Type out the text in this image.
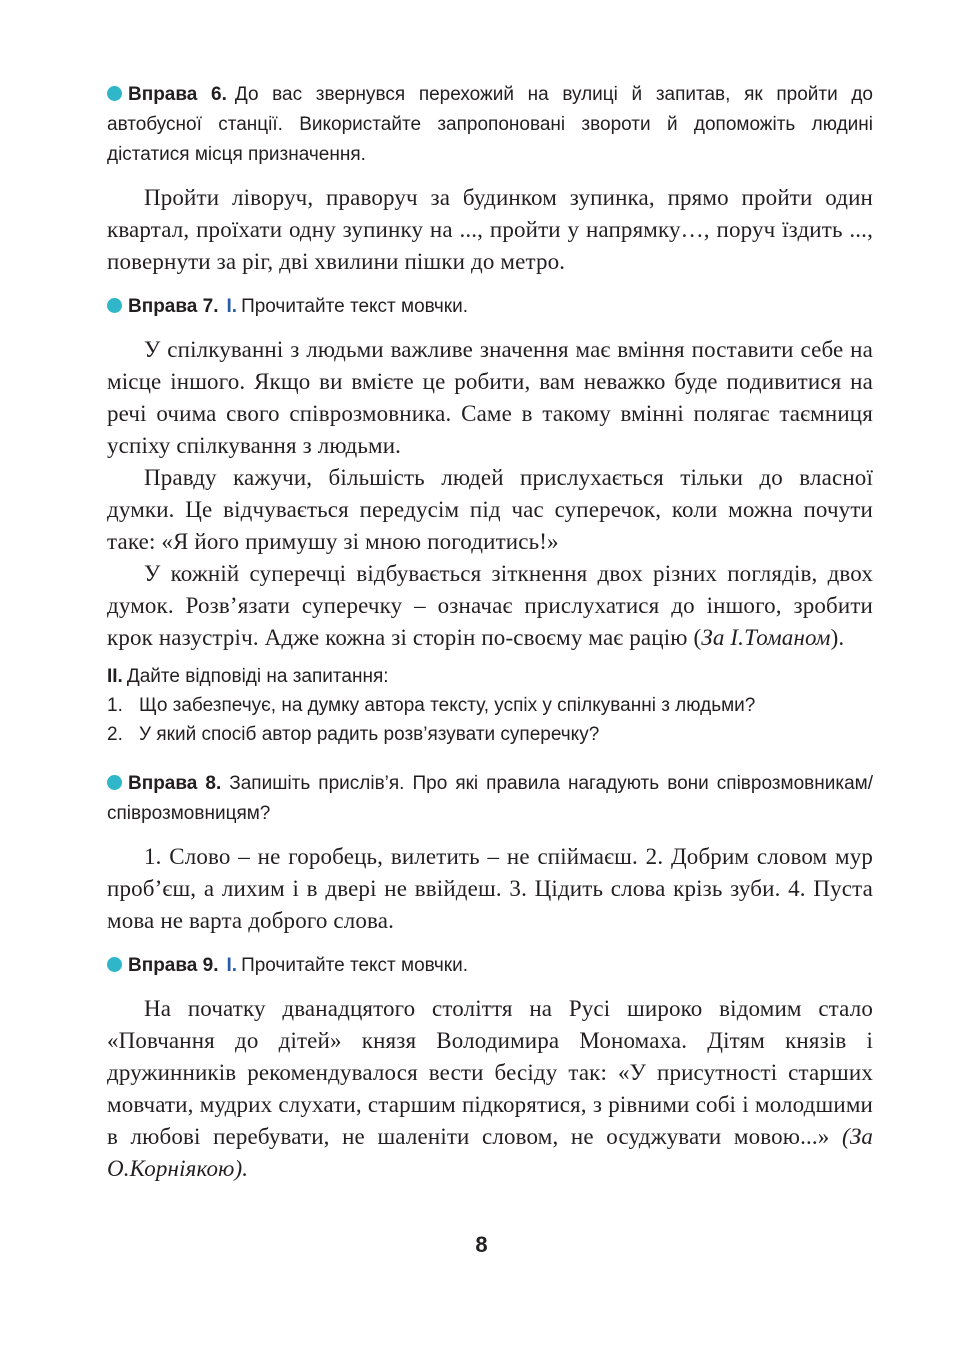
Вправа 6. До вас звернувся перехожий на вулиці й запитав, як пройти до автобусної станції. Використайте запропоновані звороти й допоможіть людині дістатися місця призначення.

Пройти ліворуч, праворуч за будинком зупинка, прямо пройти один квартал, проїхати одну зупинку на ..., пройти у напрямку…, поруч їздить ..., повернути за ріг, дві хвилини пішки до метро.

Вправа 7. I. Прочитайте текст мовчки.

У спілкуванні з людьми важливе значення має вміння поставити себе на місце іншого. Якщо ви вмієте це робити, вам неважко буде подивитися на речі очима свого співрозмовника. Саме в такому вмінні полягає таємниця успіху спілкування з людьми.

Правду кажучи, більшість людей прислухається тільки до власної думки. Це відчувається передусім під час суперечок, коли можна почути таке: «Я його примушу зі мною погодитись!»

У кожній суперечці відбувається зіткнення двох різних поглядів, двох думок. Розв’язати суперечку – означає прислухатися до іншого, зробити крок назустріч. Адже кожна зі сторін по-своєму має рацію (За І.Томаном).

II. Дайте відповіді на запитання:

1. Що забезпечує, на думку автора тексту, успіх у спілкуванні з людьми?

2. У який спосіб автор радить розв’язувати суперечку?

Вправа 8. Запишіть прислів’я. Про які правила нагадують вони співрозмовникам/співрозмовницям?

1. Слово – не горобець, вилетить – не спіймаєш. 2. Добрим словом мур проб’єш, а лихим і в двері не ввійдеш. 3. Цідить слова крізь зуби. 4. Пуста мова не варта доброго слова.

Вправа 9. I. Прочитайте текст мовчки.

На початку дванадцятого століття на Русі широко відомим стало «Повчання до дітей» князя Володимира Мономаха. Дітям князів і дружинників рекомендувалося вести бесіду так: «У присутності старших мовчати, мудрих слухати, старшим підкорятися, з рівними собі і молодшими в любові перебувати, не шаленіти словом, не осуджувати мовою...» (За О.Корніякою).

8
